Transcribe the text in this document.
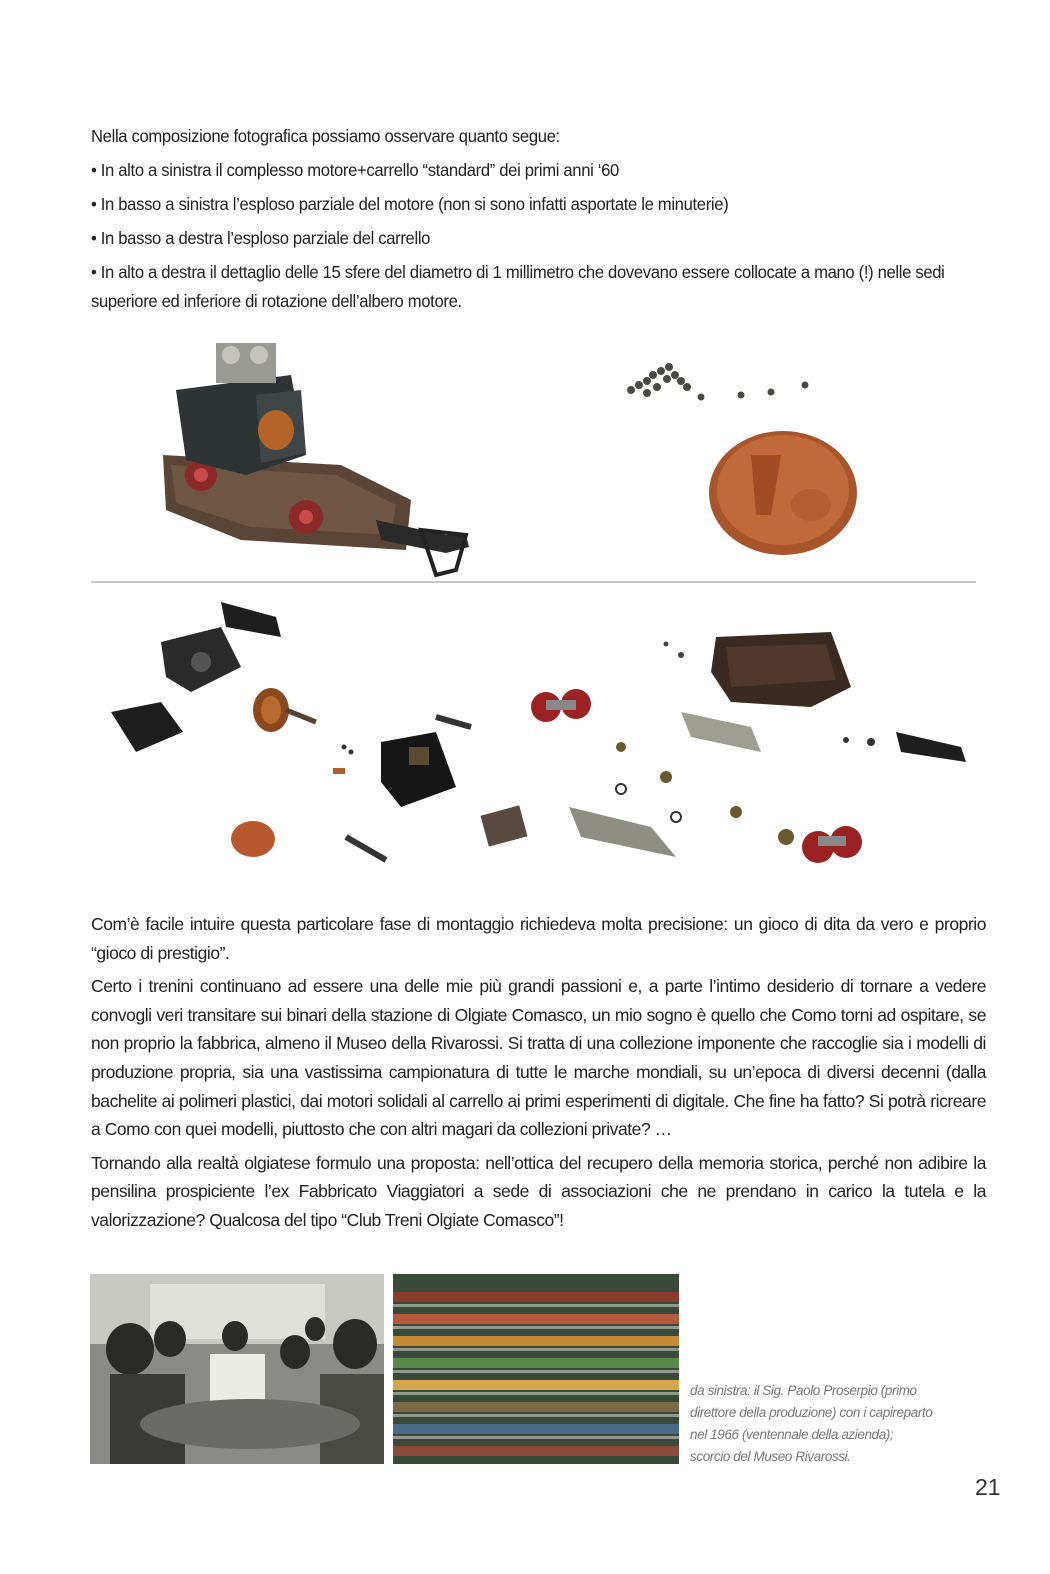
Nella composizione fotografica possiamo osservare quanto segue:

• In alto a sinistra il complesso motore+carrello “standard” dei primi anni ‘60

• In basso a sinistra l’esploso parziale del motore (non si sono infatti asportate le minuterie)

• In basso a destra l’esploso parziale del carrello

• In alto a destra il dettaglio delle 15 sfere del diametro di 1 millimetro che dovevano essere collocate a mano (!) nelle sedi superiore ed inferiore di rotazione dell’albero motore.

Com’è facile intuire questa particolare fase di montaggio richiedeva molta precisione: un gioco di dita da vero e proprio “gioco di prestigio”.

Certo i trenini continuano ad essere una delle mie più grandi passioni e, a parte l’intimo desiderio di tornare a vedere convogli veri transitare sui binari della stazione di Olgiate Comasco, un mio sogno è quello che Como torni ad ospitare, se non proprio la fabbrica, almeno il Museo della Rivarossi. Si tratta di una collezione imponente che raccoglie sia i modelli di produzione propria, sia una vastissima campionatura di tutte le marche mondiali, su un’epoca di diversi decenni (dalla bachelite ai polimeri plastici, dai motori solidali al carrello ai primi esperimenti di digitale. Che fine ha fatto? Si potrà ricreare a Como con quei modelli, piuttosto che con altri magari da collezioni private? …

Tornando alla realtà olgiatese formulo una proposta: nell’ottica del recupero della memoria storica, perché non adibire la pensilina prospiciente l’ex Fabbricato Viaggiatori a sede di associazioni che ne prendano in carico la tutela e la valorizzazione? Qualcosa del tipo “Club Treni Olgiate Comasco”!

da sinistra: il Sig. Paolo Proserpio (primo

direttore della produzione) con i capireparto

nel 1966 (ventennale della azienda);

scorcio del Museo Rivarossi.

21
